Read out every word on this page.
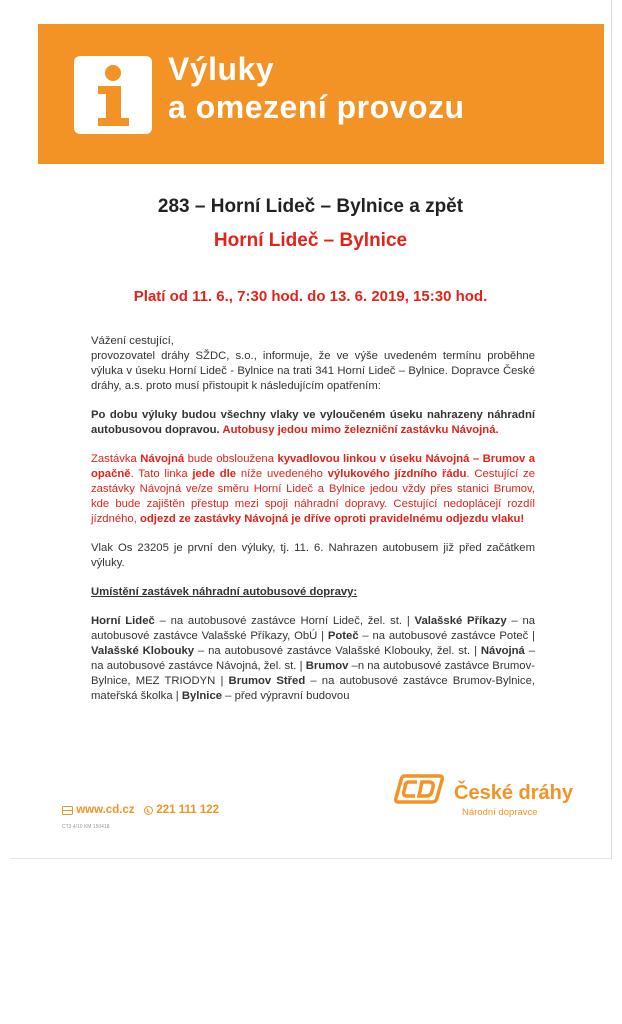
Výluky
a omezení provozu
283 – Horní Lideč – Bylnice a zpět
Horní Lideč – Bylnice
Platí od 11. 6., 7:30 hod. do 13. 6. 2019, 15:30 hod.

Vážení cestující,
provozovatel dráhy SŽDC, s.o., informuje, že ve výše uvedeném termínu proběhne výluka v úseku Horní Lideč - Bylnice na trati 341 Horní Lideč – Bylnice. Dopravce České dráhy, a.s. proto musí přistoupit k následujícím opatřením:

Po dobu výluky budou všechny vlaky ve vyloučeném úseku nahrazeny náhradní autobusovou dopravou. Autobusy jedou mimo železniční zastávku Návojná.

Zastávka Návojná bude obsloužena kyvadlovou linkou v úseku Návojná – Brumov a opačně. Tato linka jede dle níže uvedeného výlukového jízdního řádu. Cestující ze zastávky Návojná ve/ze směru Horní Lideč a Bylnice jedou vždy přes stanici Brumov, kde bude zajištěn přestup mezi spoji náhradní dopravy. Cestující nedoplácejí rozdíl jízdného, odjezd ze zastávky Návojná je dříve oproti pravidelnému odjezdu vlaku!

Vlak Os 23205 je první den výluky, tj. 11. 6. Nahrazen autobusem již před začátkem výluky.

Umístění zastávek náhradní autobusové dopravy:

Horní Lideč – na autobusové zastávce Horní Lideč, žel. st. | Valašské Příkazy – na autobusové zastávce Valašské Příkazy, ObÚ | Poteč – na autobusové zastávce Poteč | Valašské Klobouky – na autobusové zastávce Valašské Klobouky, žel. st. | Návojná – na autobusové zastávce Návojná, žel. st. | Brumov –n na autobusové zastávce Brumov-Bylnice, MEZ TRIODYN | Brumov Střed – na autobusové zastávce Brumov-Bylnice, mateřská školka | Bylnice – před výpravní budovou

www.cd.cz 221 111 122
CT3 4/10 KM 150418
České dráhy
Národní dopravce
